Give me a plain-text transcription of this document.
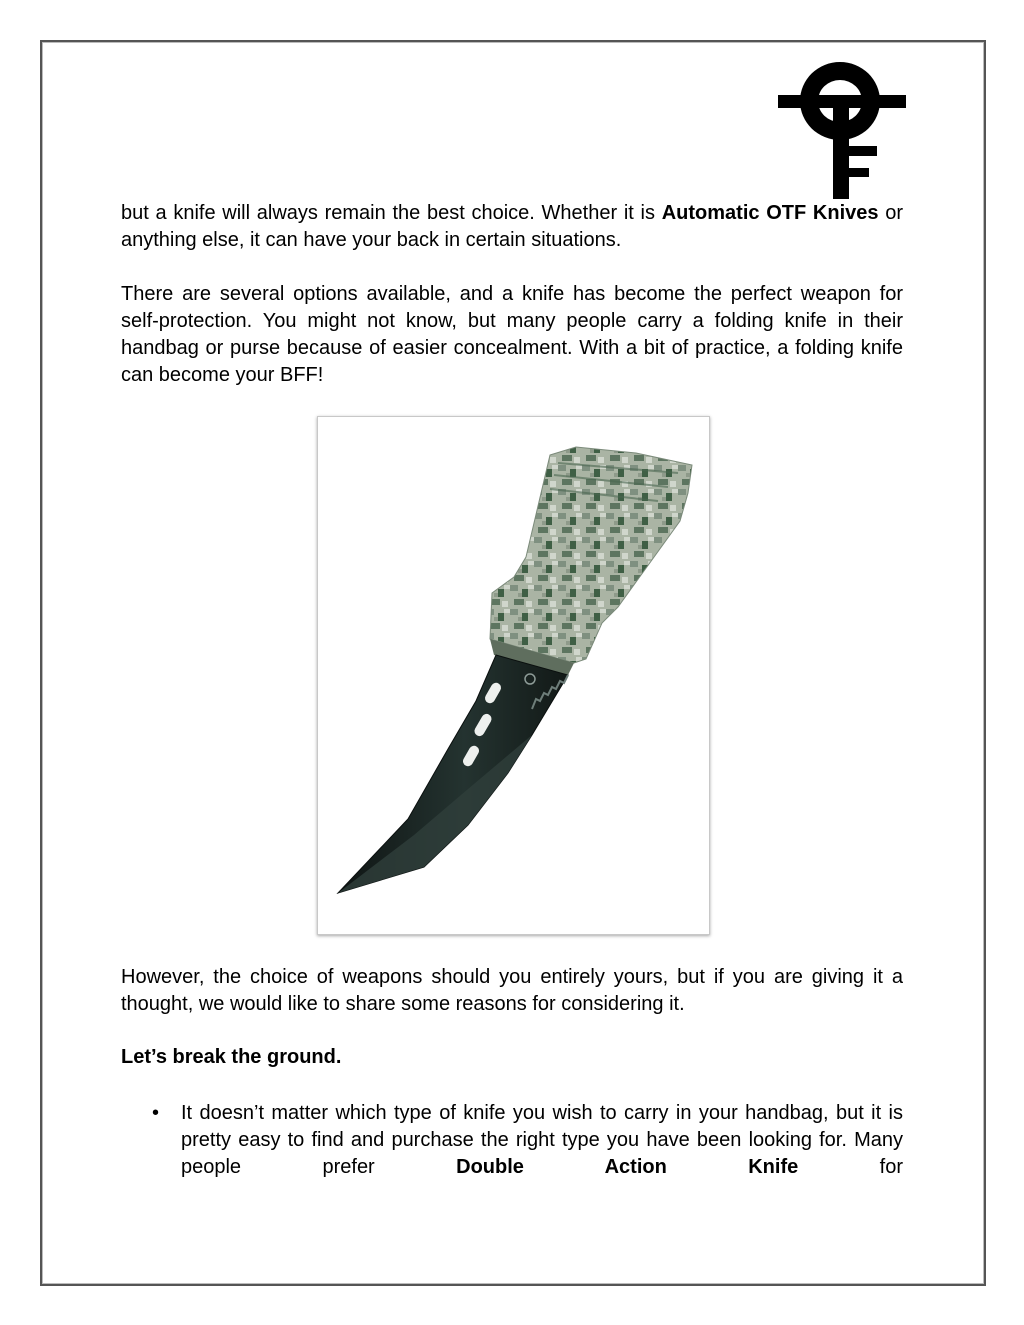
but a knife will always remain the best choice. Whether it is Automatic OTF Knives or anything else, it can have your back in certain situations.
There are several options available, and a knife has become the perfect weapon for self-protection. You might not know, but many people carry a folding knife in their handbag or purse because of easier concealment. With a bit of practice, a folding knife can become your BFF!
However, the choice of weapons should you entirely yours, but if you are giving it a thought, we would like to share some reasons for considering it.
Let’s break the ground.
• It doesn’t matter which type of knife you wish to carry in your handbag, but it is pretty easy to find and purchase the right type you have been looking for. Many people prefer Double Action Knife for
